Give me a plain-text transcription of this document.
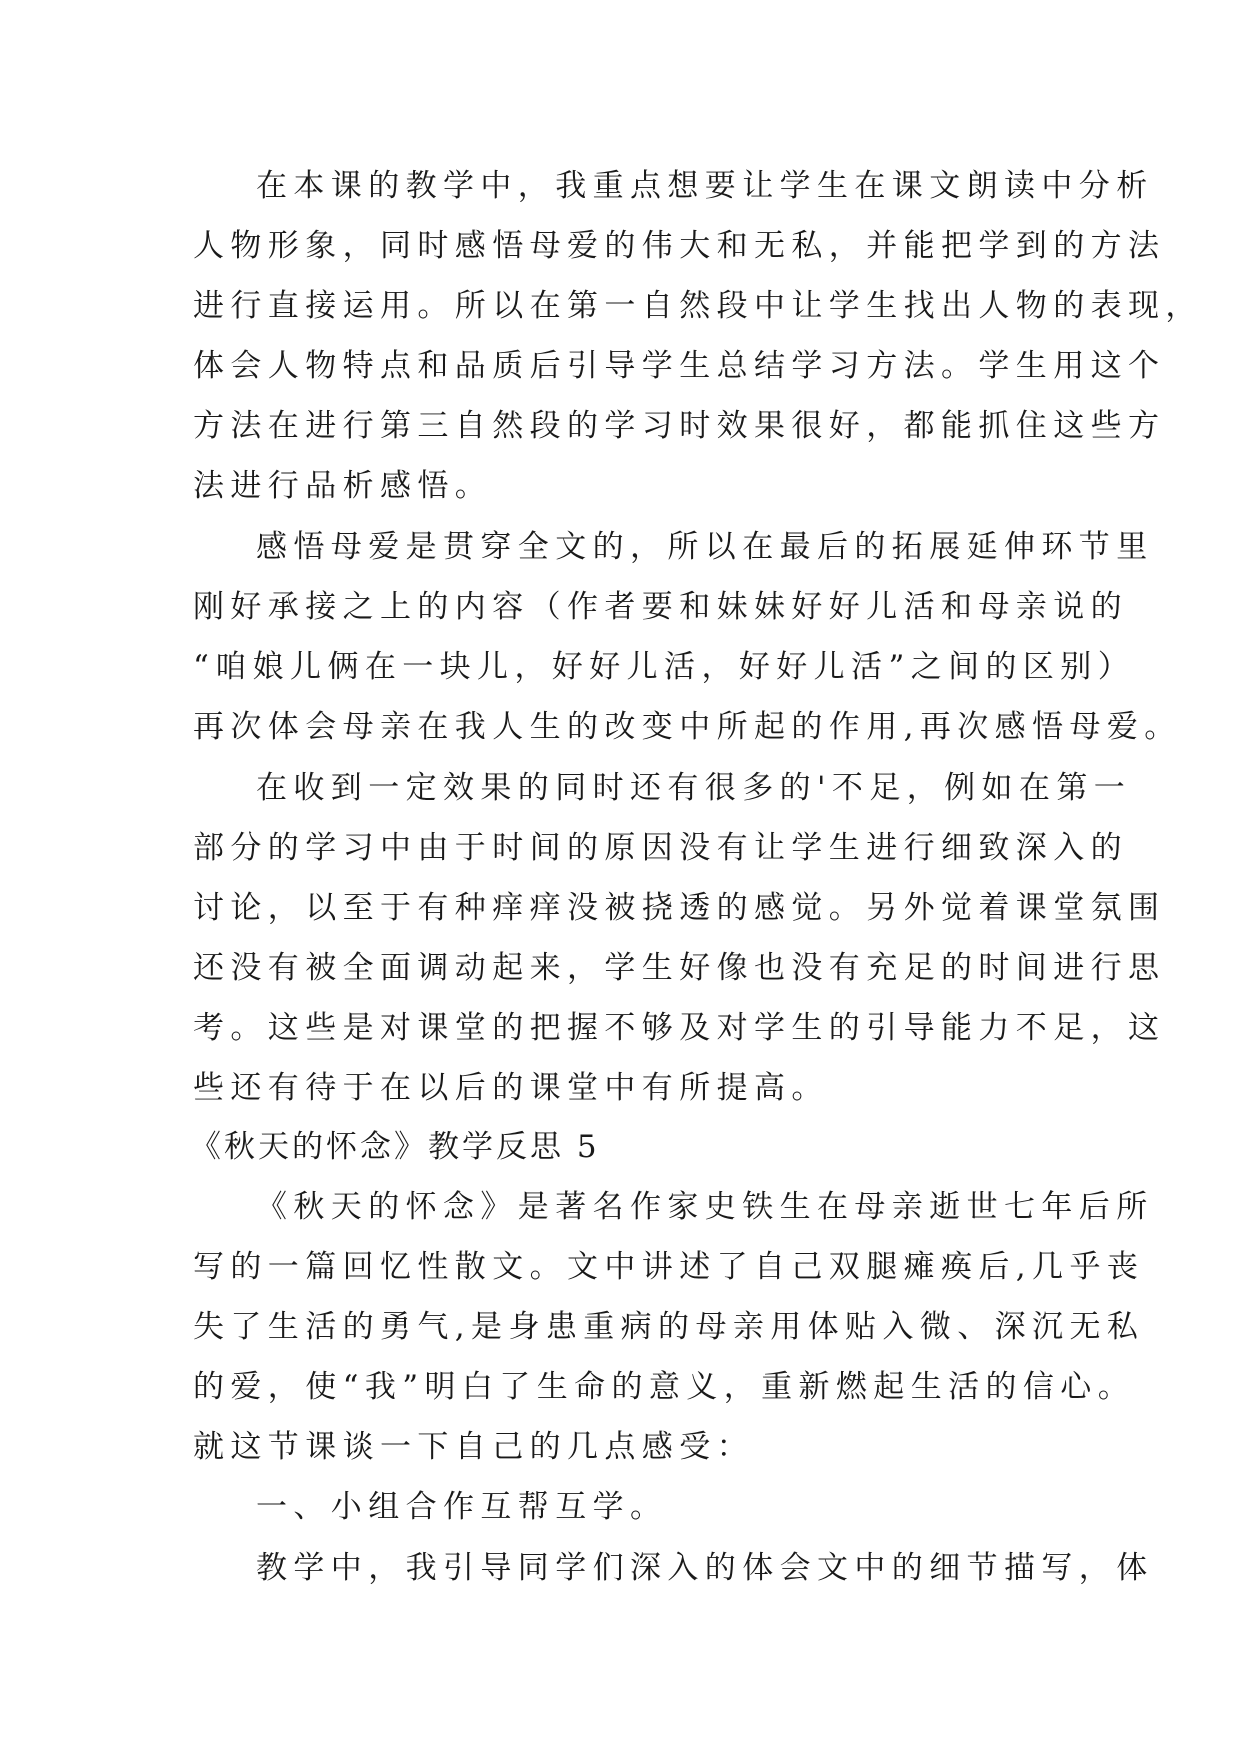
在本课的教学中，我重点想要让学生在课文朗读中分析
人物形象，同时感悟母爱的伟大和无私，并能把学到的方法
进行直接运用。所以在第一自然段中让学生找出人物的表现，
体会人物特点和品质后引导学生总结学习方法。学生用这个
方法在进行第三自然段的学习时效果很好，都能抓住这些方
法进行品析感悟。
感悟母爱是贯穿全文的，所以在最后的拓展延伸环节里
刚好承接之上的内容（作者要和妹妹好好儿活和母亲说的
“咱娘儿俩在一块儿，好好儿活，好好儿活”之间的区别）
再次体会母亲在我人生的改变中所起的作用,再次感悟母爱。
在收到一定效果的同时还有很多的'不足，例如在第一
部分的学习中由于时间的原因没有让学生进行细致深入的
讨论，以至于有种痒痒没被挠透的感觉。另外觉着课堂氛围
还没有被全面调动起来，学生好像也没有充足的时间进行思
考。这些是对课堂的把握不够及对学生的引导能力不足，这
些还有待于在以后的课堂中有所提高。
《秋天的怀念》教学反思 5
《秋天的怀念》是著名作家史铁生在母亲逝世七年后所
写的一篇回忆性散文。文中讲述了自己双腿瘫痪后,几乎丧
失了生活的勇气,是身患重病的母亲用体贴入微、深沉无私
的爱，使“我”明白了生命的意义，重新燃起生活的信心。
就这节课谈一下自己的几点感受：
一、小组合作互帮互学。
教学中，我引导同学们深入的体会文中的细节描写，体
